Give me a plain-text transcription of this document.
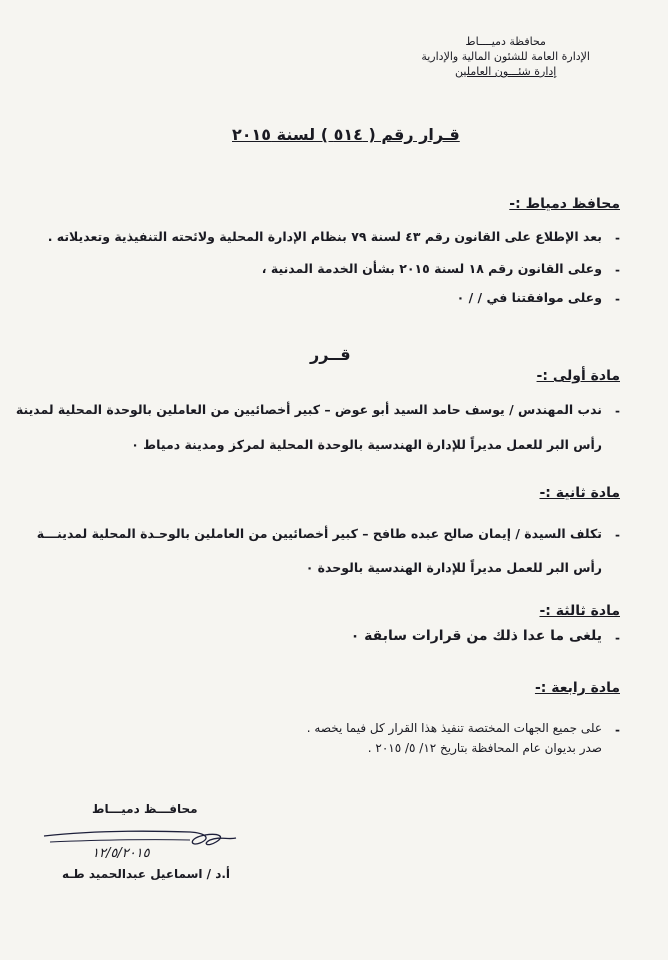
محافظة دميــــاط
الإدارة العامة للشئون المالية والإدارية
إدارة شئـــون العاملين
قـرار رقم ( ٥١٤ ) لسنة ٢٠١٥
محافظ دمياط :-
-
بعد الإطلاع على القانون رقم ٤٣ لسنة ٧٩ بنظام الإدارة المحلية ولائحته التنفيذية وتعديلاته .
-
وعلى القانون رقم ١٨ لسنة ٢٠١٥ بشأن الخدمة المدنية ،
-
وعلى موافقتنا في / / ٠
قــرر
مادة أولى :-
-
ندب المهندس / يوسف حامد السيد أبو عوض – كبير أخصائيين من العاملين بالوحدة المحلية لمدينة
رأس البر للعمل مديراً للإدارة الهندسية بالوحدة المحلية لمركز ومدينة دمياط ٠
مادة ثانية :-
-
تكلف السيدة / إيمان صالح عبده طافح – كبير أخصائيين من العاملين بالوحـدة المحلية لمدينـــة
رأس البر للعمل مديراً للإدارة الهندسية بالوحدة ٠
مادة ثالثة :-
-
يلغى ما عدا ذلك من قرارات سابقة ٠
مادة رابعة :-
-
على جميع الجهات المختصة تنفيذ هذا القرار كل فيما يخصه .
صدر بديوان عام المحافظة بتاريخ ١٢/ ٥/ ٢٠١٥ .
محافـــظ دميـــاط
١٢/٥/٢٠١٥
أ.د / اسماعيل عبدالحميد طـه
